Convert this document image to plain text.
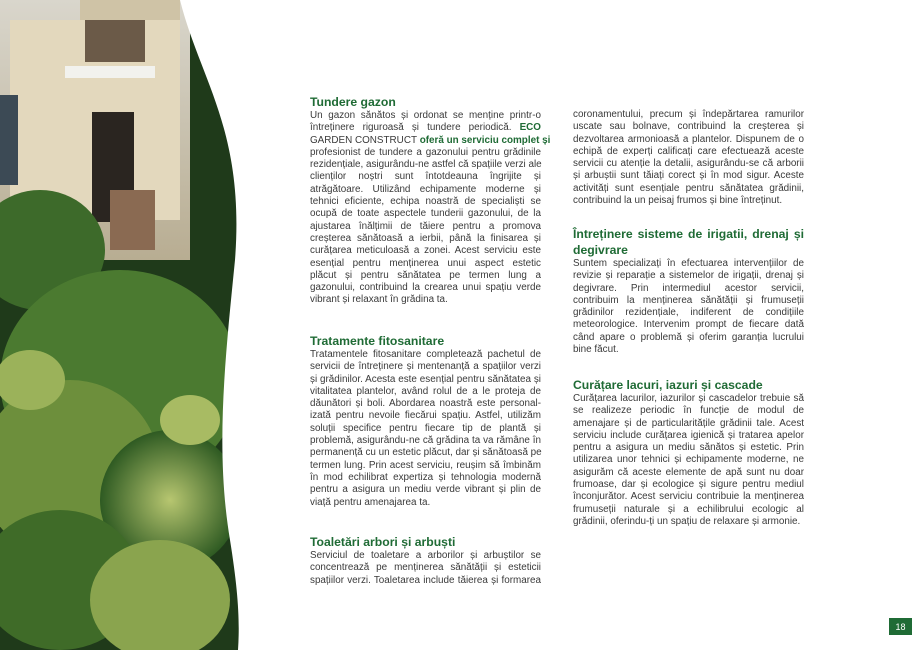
Tundere gazon
Un gazon sănătos și ordonat se menține printr-o
întreținere riguroasă și tundere periodică. ECO
GARDEN CONSTRUCT oferă un serviciu complet și
profesionist de tundere a gazonului pentru grădinile
rezidențiale, asigurându-ne astfel că spațiile verzi ale
clienților noștri sunt întotdeauna îngrijite și
atrăgătoare. Utilizând echipamente moderne și
tehnici eficiente, echipa noastră de specialiști se
ocupă de toate aspectele tunderii gazonului, de la
ajustarea înălțimii de tăiere pentru a promova
creșterea sănătoasă a ierbii, până la finisarea și
curățarea meticuloasă a zonei. Acest serviciu este
esențial pentru menținerea unui aspect estetic
plăcut și pentru sănătatea pe termen lung a
gazonului, contribuind la crearea unui spațiu verde
vibrant și relaxant în grădina ta.
Tratamente fitosanitare
Tratamentele fitosanitare completează pachetul de
servicii de întreținere și mentenanță a spațiilor verzi
și grădinilor. Acesta este esențial pentru sănătatea și
vitalitatea plantelor, având rolul de a le proteja de
dăunători și boli. Abordarea noastră este personal-
izată pentru nevoile fiecărui spațiu. Astfel, utilizăm
soluții specifice pentru fiecare tip de plantă și
problemă, asigurându-ne că grădina ta va rămâne în
permanență cu un estetic plăcut, dar și sănătoasă pe
termen lung. Prin acest serviciu, reușim să îmbinăm
în mod echilibrat expertiza și tehnologia modernă
pentru a asigura un mediu verde vibrant și plin de
viață pentru amenajarea ta.
Toaletări arbori și arbuști
Serviciul de toaletare a arborilor și arbuștilor se
concentrează pe menținerea sănătății și esteticii
spațiilor verzi. Toaletarea include tăierea și formarea
coronamentului, precum și îndepărtarea ramurilor
uscate sau bolnave, contribuind la creșterea și
dezvoltarea armonioasă a plantelor. Dispunem de o
echipă de experți calificați care efectuează aceste
servicii cu atenție la detalii, asigurându-se că arborii
și arbuștii sunt tăiați corect și în mod sigur. Aceste
activități sunt esențiale pentru sănătatea grădinii,
contribuind la un peisaj frumos și bine întreținut.
Întreținere sisteme de irigatii, drenaj și
degivrare
Suntem specializați în efectuarea intervențiilor de
revizie și reparație a sistemelor de irigații, drenaj și
degivrare. Prin intermediul acestor servicii,
contribuim la menținerea sănătății și frumuseții
grădinilor rezidențiale, indiferent de condițiile
meteorologice. Intervenim prompt de fiecare dată
când apare o problemă și oferim garanția lucrului
bine făcut.
Curățare lacuri, iazuri și cascade
Curățarea lacurilor, iazurilor și cascadelor trebuie să
se realizeze periodic în funcție de modul de
amenajare și de particularitățile grădinii tale. Acest
serviciu include curățarea igienică și tratarea apelor
pentru a asigura un mediu sănătos și estetic. Prin
utilizarea unor tehnici și echipamente moderne, ne
asigurăm că aceste elemente de apă sunt nu doar
frumoase, dar și ecologice și sigure pentru mediul
înconjurător. Acest serviciu contribuie la menținerea
frumuseții naturale și a echilibrului ecologic al
grădinii, oferindu-ți un spațiu de relaxare și armonie.
18
